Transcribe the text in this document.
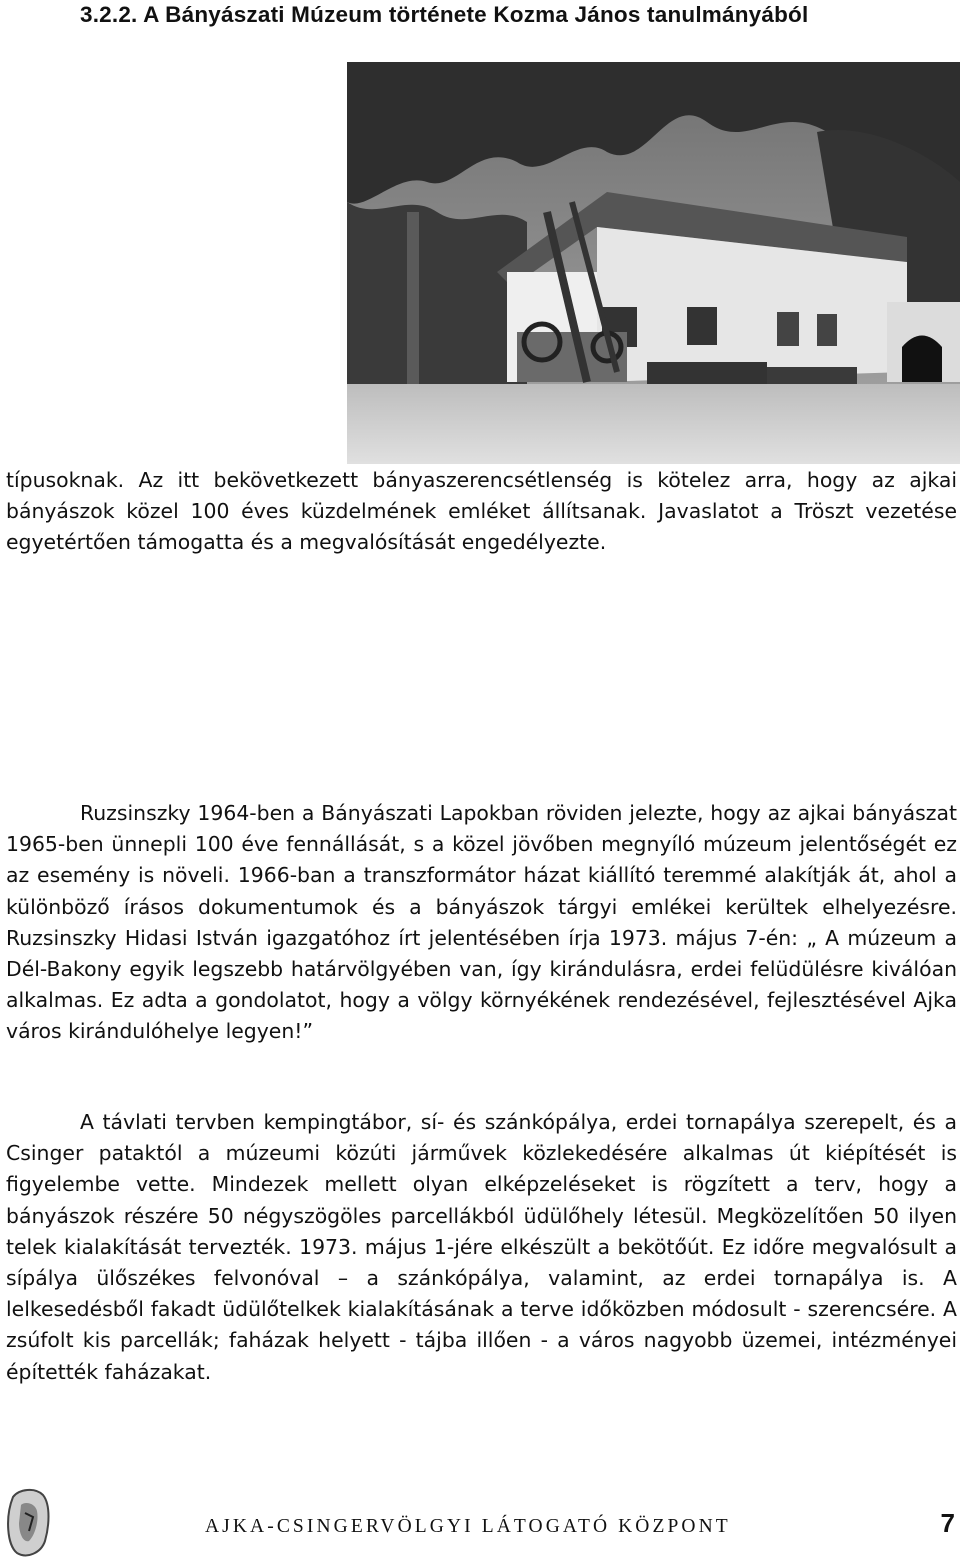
3.2.2. A Bányászati Múzeum története Kozma János tanulmányából

típusoknak. Az itt bekövetkezett bányaszerencsétlenség is kötelez arra, hogy az ajkai bányászok közel 100 éves küzdelmének emléket állítsanak. Javaslatot a Tröszt vezetése egyetértően támogatta és a megvalósítását engedélyezte.

Ruzsinszky 1964-ben a Bányászati Lapokban röviden jelezte, hogy az ajkai bányászat 1965-ben ünnepli 100 éve fennállását, s a közel jövőben megnyíló múzeum jelentőségét ez az esemény is növeli. 1966-ban a transzformátor házat kiállító teremmé alakítják át, ahol a különböző írásos dokumentumok és a bányászok tárgyi emlékei kerültek elhelyezésre. Ruzsinszky Hidasi István igazgatóhoz írt jelentésében írja 1973. május 7-én: „ A múzeum a Dél-Bakony egyik legszebb határvölgyében van, így kirándulásra, erdei felüdülésre kiválóan alkalmas. Ez adta a gondolatot, hogy a völgy környékének rendezésével, fejlesztésével Ajka város kirándulóhelye legyen!”

A távlati tervben kempingtábor, sí- és szánkópálya, erdei tornapálya szerepelt, és a Csinger pataktól a múzeumi közúti járművek közlekedésére alkalmas út kiépítését is figyelembe vette. Mindezek mellett olyan elképzeléseket is rögzített a terv, hogy a bányászok részére 50 négyszögöles parcellákból üdülőhely létesül. Megközelítően 50 ilyen telek kialakítását tervezték. 1973. május 1-jére elkészült a bekötőút. Ez időre megvalósult a sípálya ülőszékes felvonóval – a szánkópálya, valamint, az erdei tornapálya is. A lelkesedésből fakadt üdülőtelkek kialakításának a terve időközben módosult - szerencsére. A zsúfolt kis parcellák; faházak helyett - tájba illően - a város nagyobb üzemei, intézményei építették faházakat.

AJKA-CSINGERVÖLGYI LÁTOGATÓ KÖZPONT	7
